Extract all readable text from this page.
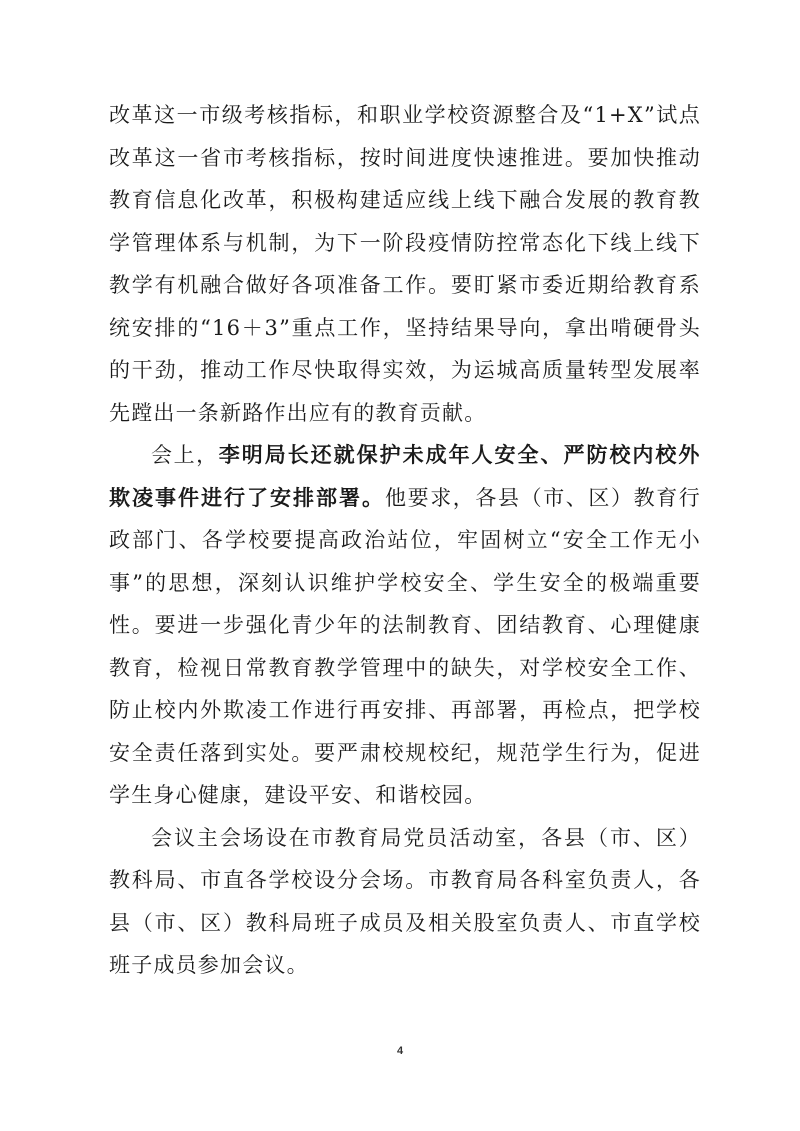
改革这一市级考核指标，和职业学校资源整合及“1+X”试点改革这一省市考核指标，按时间进度快速推进。要加快推动教育信息化改革，积极构建适应线上线下融合发展的教育教学管理体系与机制，为下一阶段疫情防控常态化下线上线下教学有机融合做好各项准备工作。要盯紧市委近期给教育系统安排的“16＋3”重点工作，坚持结果导向，拿出啃硬骨头的干劲，推动工作尽快取得实效，为运城高质量转型发展率先蹚出一条新路作出应有的教育贡献。

会上，李明局长还就保护未成年人安全、严防校内校外欺凌事件进行了安排部署。他要求，各县（市、区）教育行政部门、各学校要提高政治站位，牢固树立“安全工作无小事”的思想，深刻认识维护学校安全、学生安全的极端重要性。要进一步强化青少年的法制教育、团结教育、心理健康教育，检视日常教育教学管理中的缺失，对学校安全工作、防止校内外欺凌工作进行再安排、再部署，再检点，把学校安全责任落到实处。要严肃校规校纪，规范学生行为，促进学生身心健康，建设平安、和谐校园。

会议主会场设在市教育局党员活动室，各县（市、区）教科局、市直各学校设分会场。市教育局各科室负责人，各县（市、区）教科局班子成员及相关股室负责人、市直学校班子成员参加会议。

4
